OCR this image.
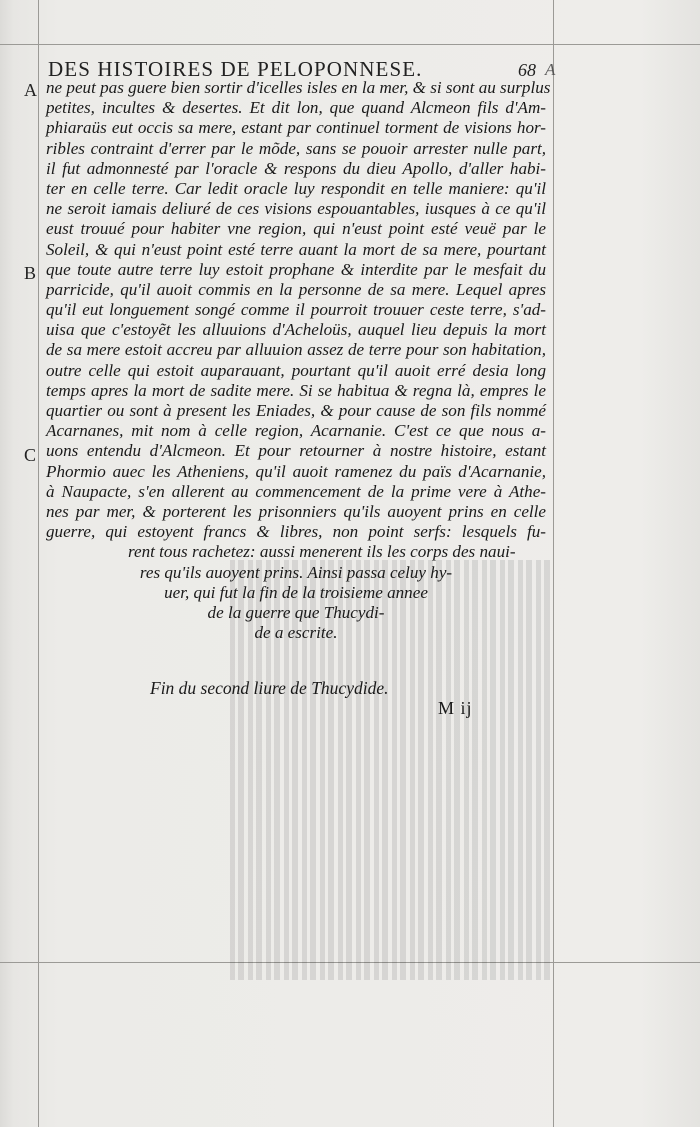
DES HISTOIRES DE PELOPONNESE.	68 A
A
B
C
ne peut pas guere bien sortir d'icelles isles en la mer, & si sont au surplus
petites, incultes & desertes. Et dit lon, que quand Alcmeon fils d'Am-
phiaraüs eut occis sa mere, estant par continuel torment de visions hor-
ribles contraint d'errer par le mõde, sans se pouoir arrester nulle part,
il fut admonnesté par l'oracle & respons du dieu Apollo, d'aller habi-
ter en celle terre. Car ledit oracle luy respondit en telle maniere: qu'il
ne seroit iamais deliuré de ces visions espouantables, iusques à ce qu'il
eust trouué pour habiter vne region, qui n'eust point esté veuë par le
Soleil, & qui n'eust point esté terre auant la mort de sa mere, pourtant
que toute autre terre luy estoit prophane & interdite par le mesfait du
parricide, qu'il auoit commis en la personne de sa mere. Lequel apres
qu'il eut longuement songé comme il pourroit trouuer ceste terre, s'ad-
uisa que c'estoyẽt les alluuions d'Acheloüs, auquel lieu depuis la mort
de sa mere estoit accreu par alluuion assez de terre pour son habitation,
outre celle qui estoit auparauant, pourtant qu'il auoit erré desia long
temps apres la mort de sadite mere. Si se habitua & regna là, empres le
quartier ou sont à present les Eniades, & pour cause de son fils nommé
Acarnanes, mit nom à celle region, Acarnanie. C'est ce que nous a-
uons entendu d'Alcmeon. Et pour retourner à nostre histoire, estant
Phormio auec les Atheniens, qu'il auoit ramenez du païs d'Acarnanie,
à Naupacte, s'en allerent au commencement de la prime vere à Athe-
nes par mer, & porterent les prisonniers qu'ils auoyent prins en celle
guerre, qui estoyent francs & libres, non point serfs: lesquels fu-
rent tous rachetez: aussi menerent ils les corps des naui-
res qu'ils auoyent prins. Ainsi passa celuy hy-
uer, qui fut la fin de la troisieme annee
de la guerre que Thucydi-
de a escrite.
Fin du second liure de Thucydide.
M ij
